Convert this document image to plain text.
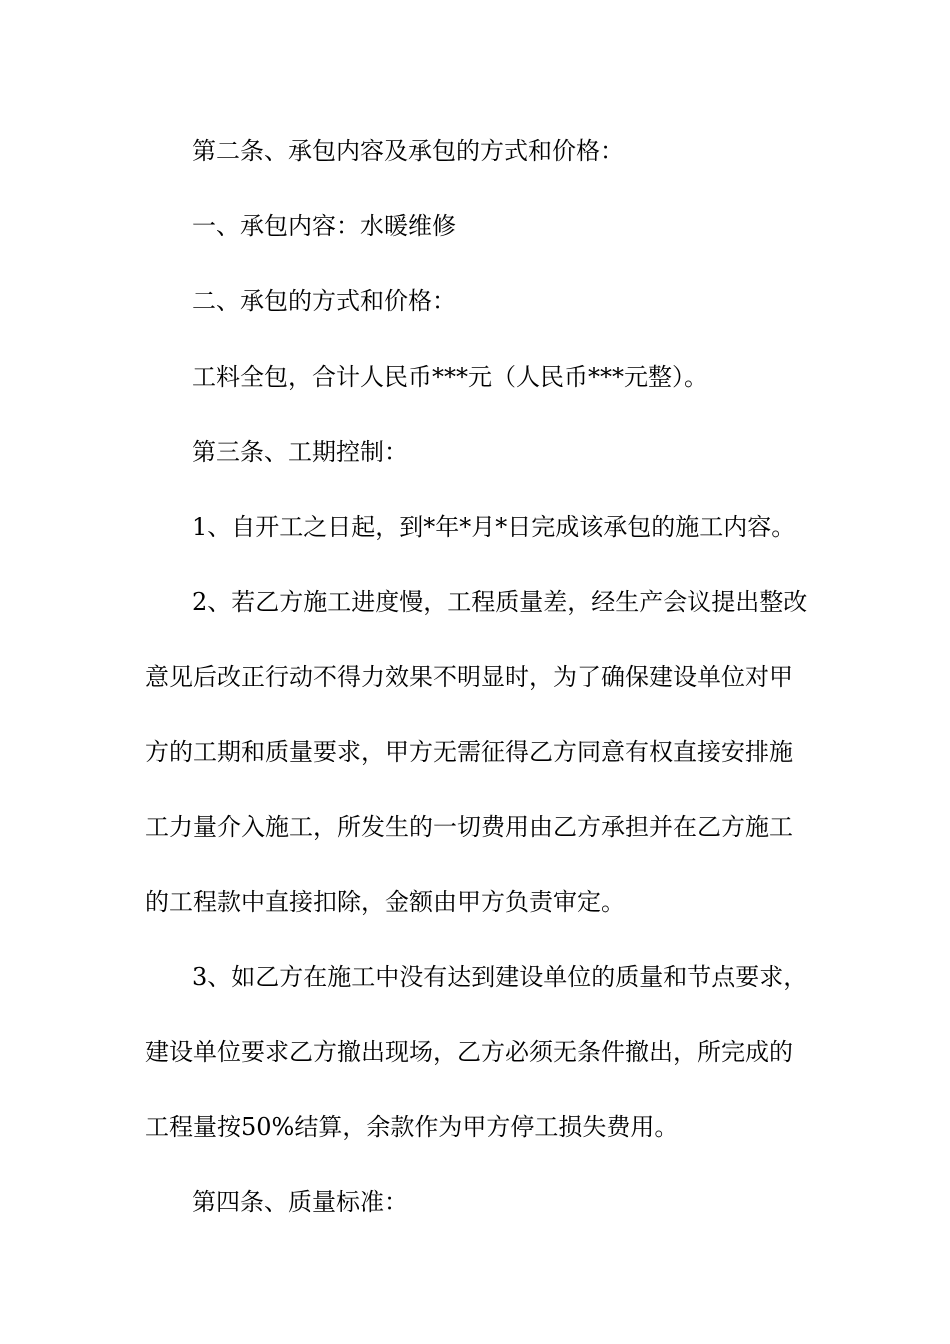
第二条、承包内容及承包的方式和价格：
一、承包内容：水暖维修
二、承包的方式和价格：
工料全包，合计人民币***元（人民币***元整）。
第三条、工期控制：
1、自开工之日起，到*年*月*日完成该承包的施工内容。
2、若乙方施工进度慢，工程质量差，经生产会议提出整改
意见后改正行动不得力效果不明显时，为了确保建设单位对甲
方的工期和质量要求，甲方无需征得乙方同意有权直接安排施
工力量介入施工，所发生的一切费用由乙方承担并在乙方施工
的工程款中直接扣除，金额由甲方负责审定。
3、如乙方在施工中没有达到建设单位的质量和节点要求，
建设单位要求乙方撤出现场，乙方必须无条件撤出，所完成的
工程量按50%结算，余款作为甲方停工损失费用。
第四条、质量标准：
